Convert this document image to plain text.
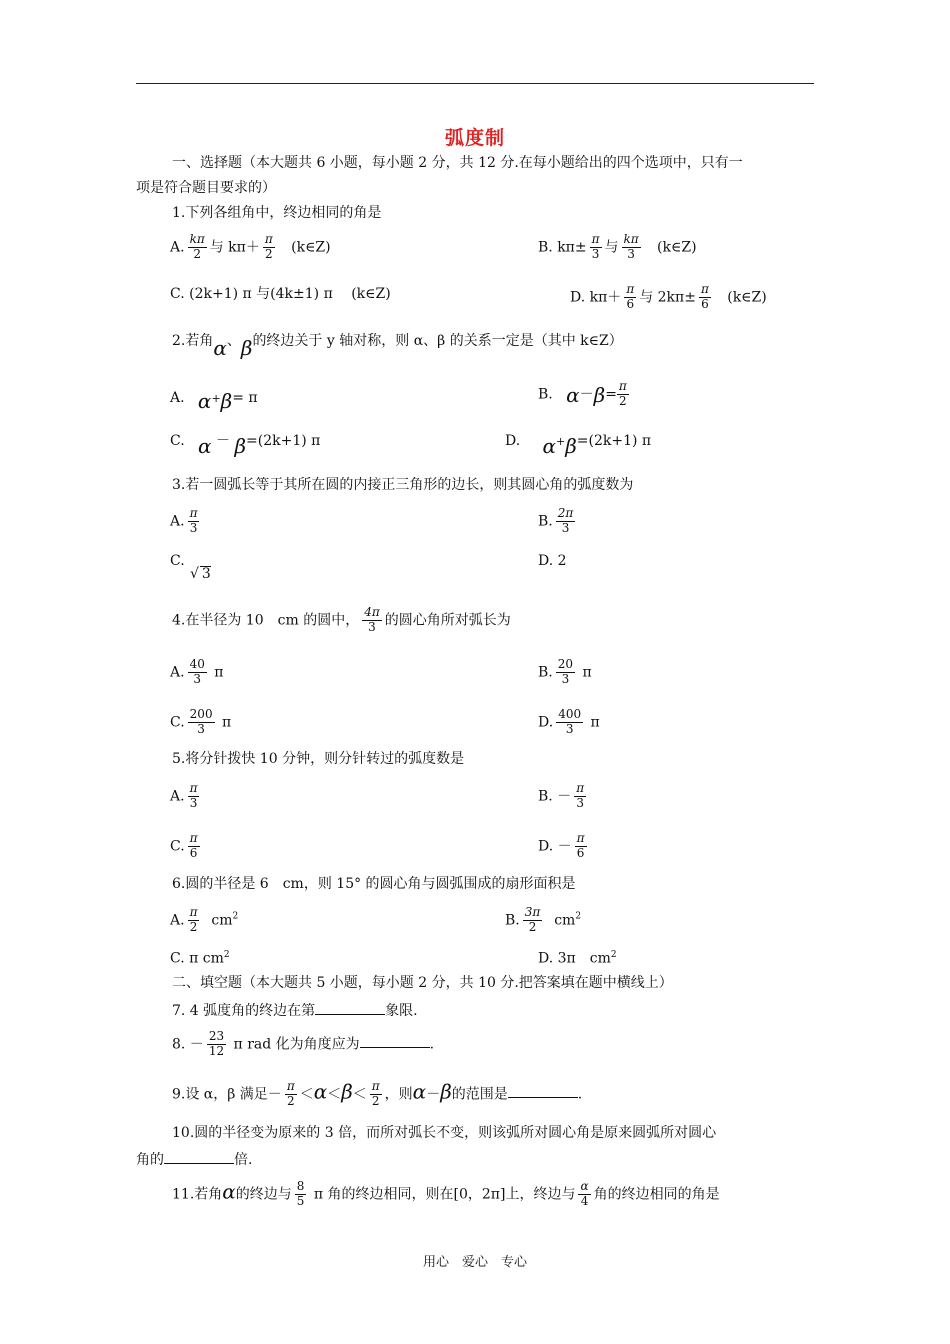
弧度制
一、选择题（本大题共 6 小题，每小题 2 分，共 12 分.在每小题给出的四个选项中，只有一
项是符合题目要求的）
1.下列各组角中，终边相同的角是
A. $\frac{k\pi}{2}$ 与 $k\pi+ \frac{\pi}{2}$ (k∈Z)	B. $k\pi\pm \frac{\pi}{3}$ 与 $\frac{k\pi}{3}$ (k∈Z)
C. (2k+1) π 与(4k±1) π　 (k∈Z)	D. $k\pi+ \frac{\pi}{6}$ 与 $2k\pi\pm \frac{\pi}{6}$ (k∈Z)
2.若角α、β的终边关于 y 轴对称，则 α、β 的关系一定是（其中 k∈Z）
A. α+β= π	B. $\alpha-\beta= \frac{\pi}{2}$
C. α － β=(2k+1) π	D. α+β=(2k+1) π
3.若一圆弧长等于其所在圆的内接正三角形的边长，则其圆心角的弧度数为
A. $\frac{\pi}{3}$	B. $\frac{2\pi}{3}$
C.
√ 3
D. 2
4.在半径为 10　cm 的圆中， $\frac{4\pi}{3}$ 的圆心角所对弧长为
A. $\frac{40}{3}$ π	B. $\frac{20}{3}$ π
C. $\frac{200}{3}$ π	D. $\frac{400}{3}$ π
5.将分针拨快 10 分钟，则分针转过的弧度数是
A. $\frac{\pi}{3}$	B. － $\frac{\pi}{3}$
C. $\frac{\pi}{6}$	D. － $\frac{\pi}{6}$
6.圆的半径是 6　cm，则 15° 的圆心角与圆弧围成的扇形面积是
A. $\frac{\pi}{2} cm^2$	B. $\frac{3\pi}{2} cm^2$
C. π $cm^2$	D. 3π　$cm^2$
二、填空题（本大题共 5 小题，每小题 2 分，共 10 分.把答案填在题中横线上）
7. 4 弧度角的终边在第	象限.
8. － $\frac{23}{12}$ π rad 化为角度应为	.
9.设 α，β 满足－ $\frac{\pi}{2} <\alpha<\beta< \frac{\pi}{2}$ ，则α－β的范围是	.
10.圆的半径变为原来的 3 倍，而所对弧长不变，则该弧所对圆心角是原来圆弧所对圆心
角的	倍.
11.若角α的终边与 $\frac{8}{5}$ π 角的终边相同，则在[0，2π]上，终边与 $\frac{\alpha}{4}$ 角的终边相同的角是
用心　爱心　专心
